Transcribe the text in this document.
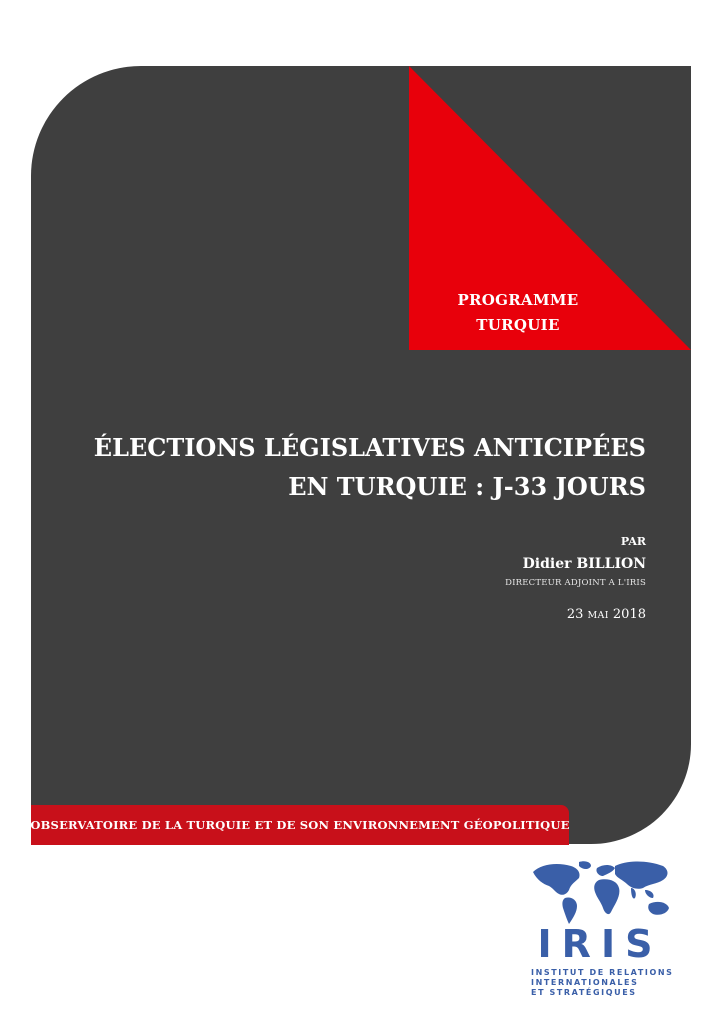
PROGRAMME
TURQUIE
ÉLECTIONS LÉGISLATIVES ANTICIPÉES
EN TURQUIE : J-33 JOURS
PAR
Didier BILLION
DIRECTEUR ADJOINT A L'IRIS
23 MAI 2018
OBSERVATOIRE DE LA TURQUIE ET DE SON ENVIRONNEMENT GÉOPOLITIQUE
IRIS
INSTITUT DE RELATIONS
INTERNATIONALES
ET STRATÉGIQUES
